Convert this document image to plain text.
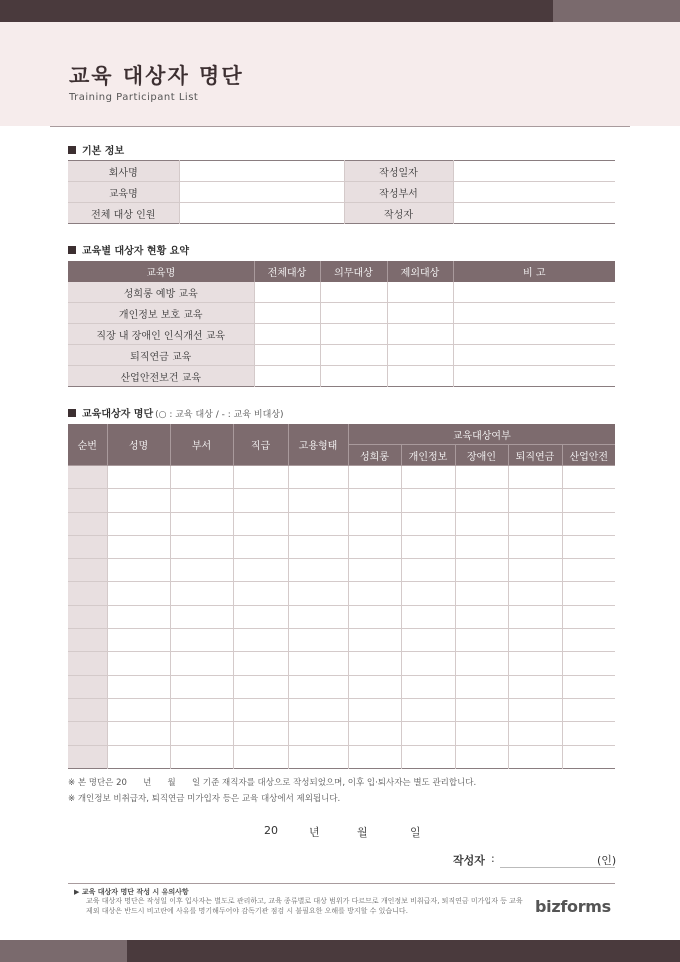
교육 대상자 명단
Training Participant List
기본 정보
회사명		작성일자	
교육명		작성부서	
전체 대상 인원		작성자	
교육별 대상자 현황 요약
교육명	전체대상	의무대상	제외대상	비 고
성희롱 예방 교육				
개인정보 보호 교육				
직장 내 장애인 인식개선 교육				
퇴직연금 교육				
산업안전보건 교육				
교육대상자 명단 (○ : 교육 대상 / - : 교육 비대상)
순번	성명	부서	직급	고용형태	교육대상여부				
					성희롱	개인정보	장애인	퇴직연금	산업안전

※ 본 명단은 20      년      월      일 기준 재직자를 대상으로 작성되었으며, 이후 입·퇴사자는 별도 관리합니다.
※ 개인정보 비취급자, 퇴직연금 미가입자 등은 교육 대상에서 제외됩니다.
20	년	월	일
작성자 :	(인)
▶ 교육 대상자 명단 작성 시 유의사항
교육 대상자 명단은 작성일 이후 입사자는 별도로 관리하고, 교육 종류별로 대상 범위가 다르므로 개인정보 비취급자, 퇴직연금 미가입자 등 교육 제외 대상은 반드시 비고란에 사유를 명기해두어야 감독기관 점검 시 불필요한 오해를 방지할 수 있습니다.	bizforms
